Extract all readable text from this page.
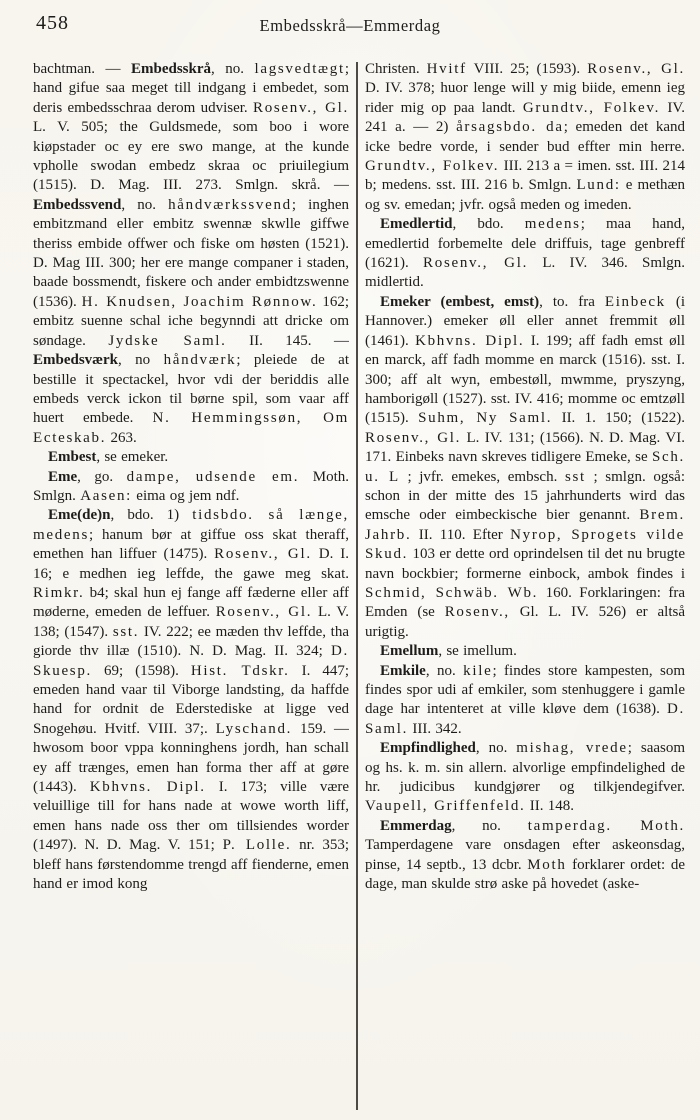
458	Embedsskrå—Emmerdag

bachtman. — Embedsskrå, no. lagsvedtægt; hand gifue saa meget till indgang i embedet, som deris embedsschraa derom udviser. Rosenv., Gl. L. V. 505; the Guldsmede, som boo i wore kiøpstader oc ey ere swo mange, at the kunde vpholle swodan embedz skraa oc priuilegium (1515). D. Mag. III. 273. Smlgn. skrå. — Embedssvend, no. håndværkssvend; inghen embitzmand eller embitz swennæ skwlle giffwe theriss embide offwer och fiske om høsten (1521). D. Mag III. 300; her ere mange companer i staden, baade bossmendt, fiskere och ander embidtzswenne (1536). H. Knudsen, Joachim Rønnow. 162; embitz suenne schal iche begynndi att dricke om søndage. Jydske Saml. II. 145. — Embedsværk, no håndværk; pleiede de at bestille it spectackel, hvor vdi der beriddis alle embeds verck ickon til børne spil, som vaar aff huert embede. N. Hemmingssøn, Om Ecteskab. 263.

Embest, se emeker.

Eme, go. dampe, udsende em. Moth. Smlgn. Aasen: eima og jem ndf.

Eme(de)n, bdo. 1) tidsbdo. så længe, medens; hanum bør at giffue oss skat theraff, emethen han liffuer (1475). Rosenv., Gl. D. I. 16; e medhen ieg leffde, the gawe meg skat. Rimkr. b4; skal hun ej fange aff fæderne eller aff møderne, emeden de leffuer. Rosenv., Gl. L. V. 138; (1547). sst. IV. 222; ee mæden thv leffde, tha giorde thv illæ (1510). N. D. Mag. II. 324; D. Skuesp. 69; (1598). Hist. Tdskr. I. 447; emeden hand vaar til Viborge landsting, da haffde hand for ordnit de Ederstediske at ligge ved Snogehøu. Hvitf. VIII. 37;. Lyschand. 159. — hwosom boor vppa konninghens jordh, han schall ey aff trænges, emen han forma ther aff at gøre (1443). Kbhvns. Dipl. I. 173; ville være veluillige till for hans nade at wowe worth liff, emen hans nade oss ther om tillsiendes worder (1497). N. D. Mag. V. 151; P. Lolle. nr. 353; bleff hans førstendomme trengd aff fienderne, emen hand er imod kong

Christen. Hvitf VIII. 25; (1593). Rosenv., Gl. D. IV. 378; huor lenge will y mig biide, emenn ieg rider mig op paa landt. Grundtv., Folkev. IV. 241 a. — 2) årsagsbdo. da; emeden det kand icke bedre vorde, i sender bud effter min herre. Grundtv., Folkev. III. 213 a = imen. sst. III. 214 b; medens. sst. III. 216 b. Smlgn. Lund: e methæn og sv. emedan; jvfr. også meden og imeden.

Emedlertid, bdo. medens; maa hand, emedlertid forbemelte dele driffuis, tage genbreff (1621). Rosenv., Gl. L. IV. 346. Smlgn. midlertid.

Emeker (embest, emst), to. fra Einbeck (i Hannover.) emeker øll eller annet fremmit øll (1461). Kbhvns. Dipl. I. 199; aff fadh emst øll en marck, aff fadh momme en marck (1516). sst. I. 300; aff alt wyn, embestøll, mwmme, pryszyng, hamborigøll (1527). sst. IV. 416; momme oc emtzøll (1515). Suhm, Ny Saml. II. 1. 150; (1522). Rosenv., Gl. L. IV. 131; (1566). N. D. Mag. VI. 171. Einbeks navn skreves tidligere Emeke, se Sch. u. L ; jvfr. emekes, embsch. sst ; smlgn. også: schon in der mitte des 15 jahrhunderts wird das emsche oder eimbeckische bier genannt. Brem. Jahrb. II. 110. Efter Nyrop, Sprogets vilde Skud. 103 er dette ord oprindelsen til det nu brugte navn bockbier; formerne einbock, ambok findes i Schmid, Schwäb. Wb. 160. Forklaringen: fra Emden (se Rosenv., Gl. L. IV. 526) er altså urigtig.

Emellum, se imellum.

Emkile, no. kile; findes store kampesten, som findes spor udi af emkiler, som stenhuggere i gamle dage har intenteret at ville kløve dem (1638). D. Saml. III. 342.

Empfindlighed, no. mishag, vrede; saasom og hs. k. m. sin allern. alvorlige empfindelighed de hr. judicibus kundgjører og tilkjendegifver. Vaupell, Griffenfeld. II. 148.

Emmerdag, no. tamperdag. Moth. Tamperdagene vare onsdagen efter askeonsdag, pinse, 14 septb., 13 dcbr. Moth forklarer ordet: de dage, man skulde strø aske på hovedet (aske-
